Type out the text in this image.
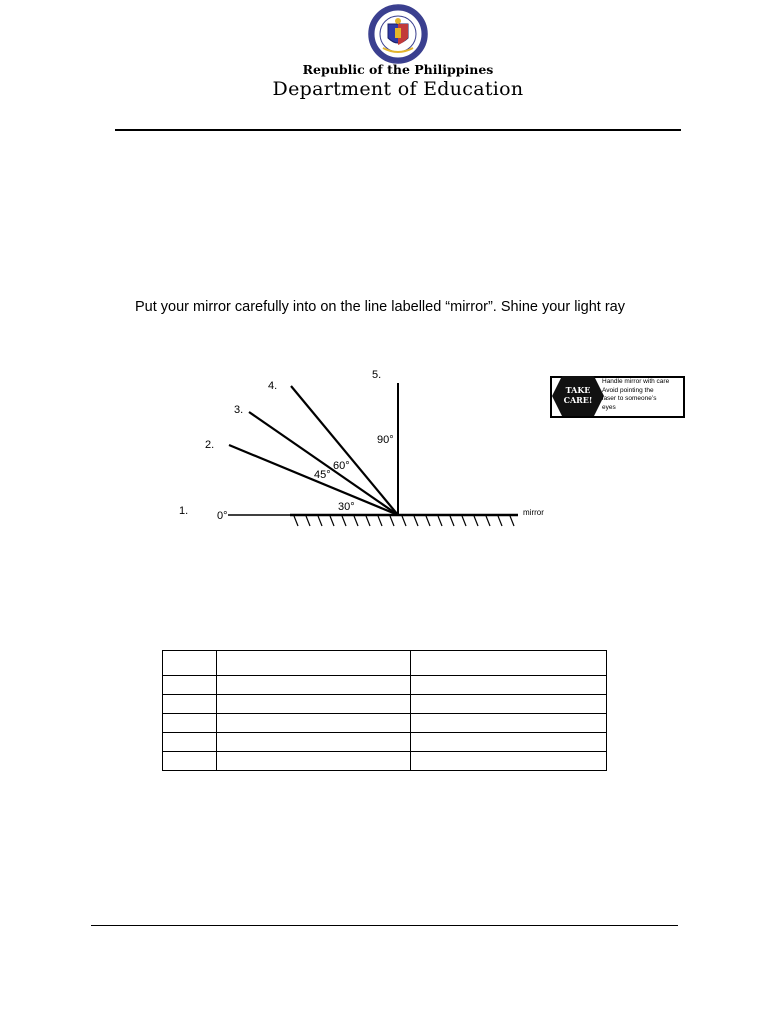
Republic of the Philippines
Department of Education
Put your mirror carefully into on the line labelled “mirror”. Shine your light ray
1.
2.
3.
4.
5.
0°
30°
45°
60°
90°
mirror
TAKE
CARE!
Handle mirror with care
Avoid pointing the
laser to someone’s
eyes
